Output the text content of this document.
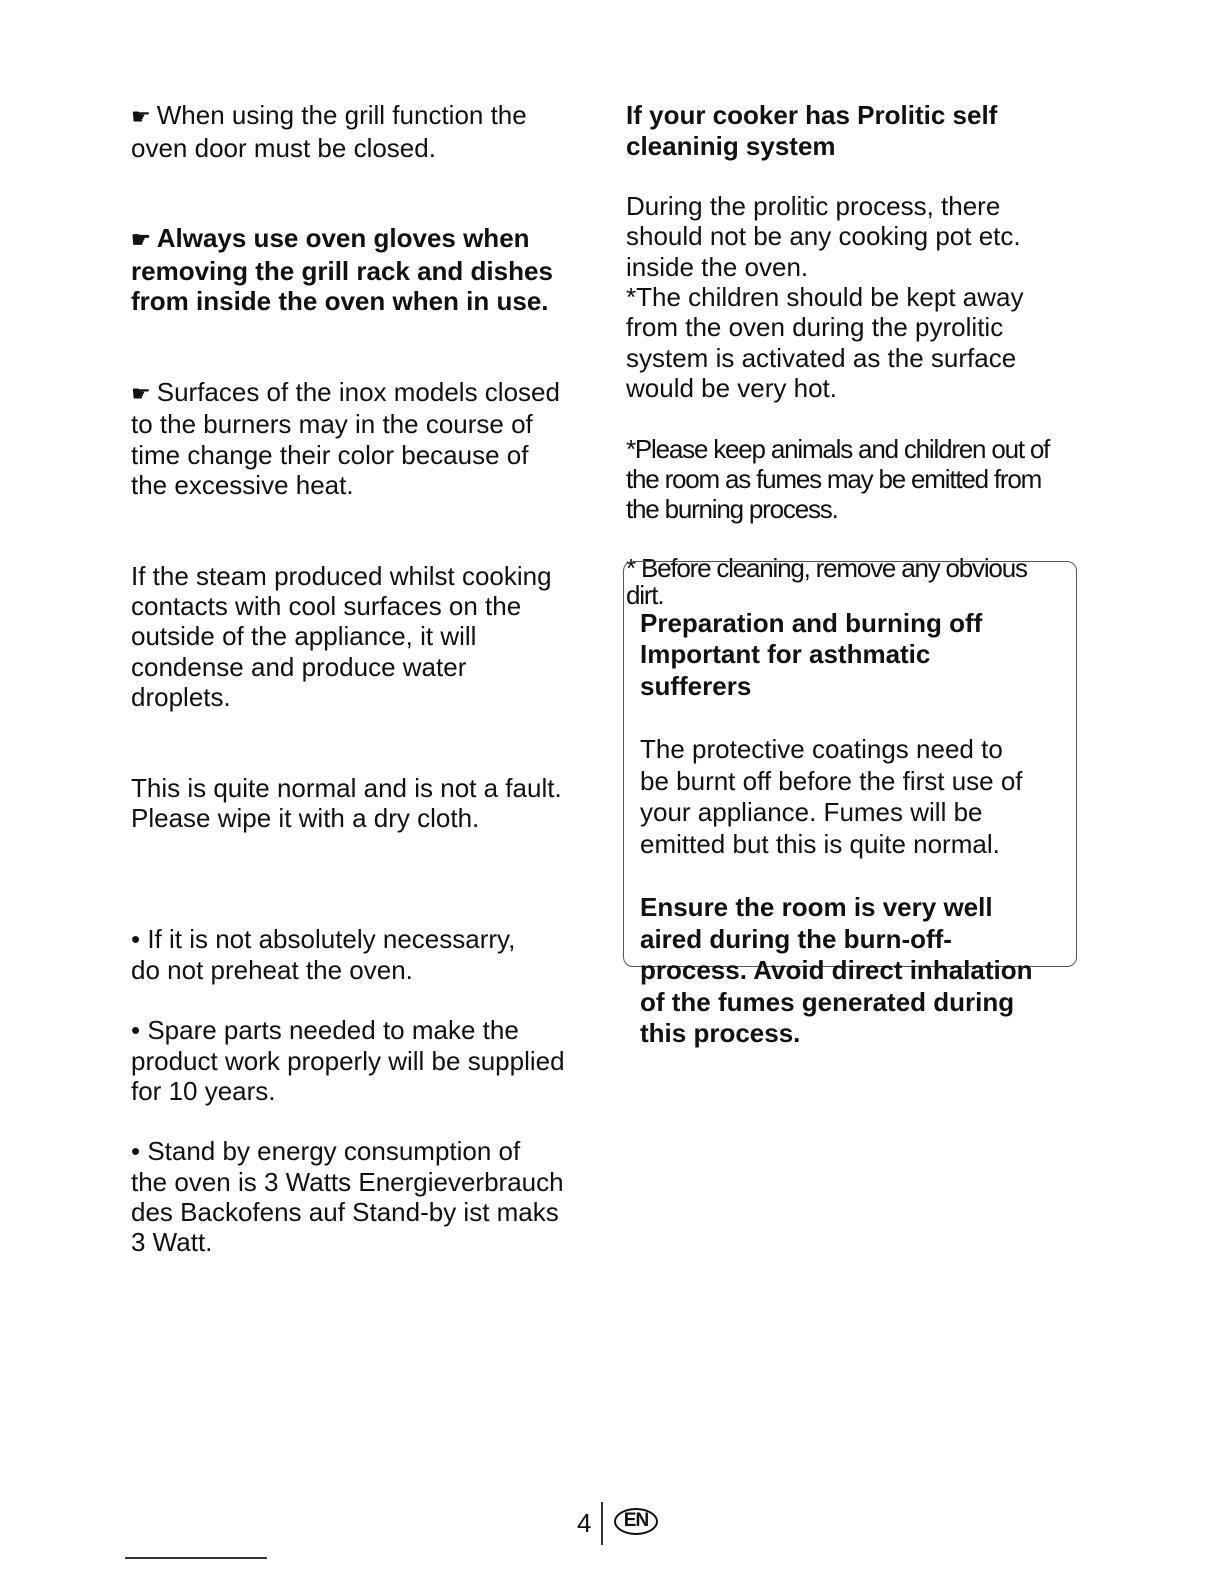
☛ When using the grill function the
oven door must be closed.

☛ Always use oven gloves when
removing the grill rack and dishes
from inside the oven when in use.

☛ Surfaces of the inox models closed
to the burners may in the course of
time change their color because of
the excessive heat.

If the steam produced whilst cooking
contacts with cool surfaces on the
outside of the appliance, it will
condense and produce water
droplets.

This is quite normal and is not a fault.
Please wipe it with a dry cloth.

• If it is not absolutely necessarry,
do not preheat the oven.

• Spare parts needed to make the
product work properly will be supplied
for 10 years.

• Stand by energy consumption of
the oven is 3 Watts Energieverbrauch
des Backofens auf Stand-by ist maks
3 Watt.

If your cooker has Prolitic self
cleaninig system

During the prolitic process, there
should not be any cooking pot etc.
inside the oven.
*The children should be kept away
from the oven during the pyrolitic
system is activated as the surface
would be very hot.

*Please keep animals and children out of
the room as fumes may be emitted from
the burning process.

* Before cleaning, remove any obvious
dirt.

Preparation and burning off
Important for asthmatic
sufferers

The protective coatings need to
be burnt off before the first use of
your appliance. Fumes will be
emitted but this is quite normal.

Ensure the room is very well
aired during the burn-off-
process. Avoid direct inhalation
of the fumes generated during
this process.

4	EN
